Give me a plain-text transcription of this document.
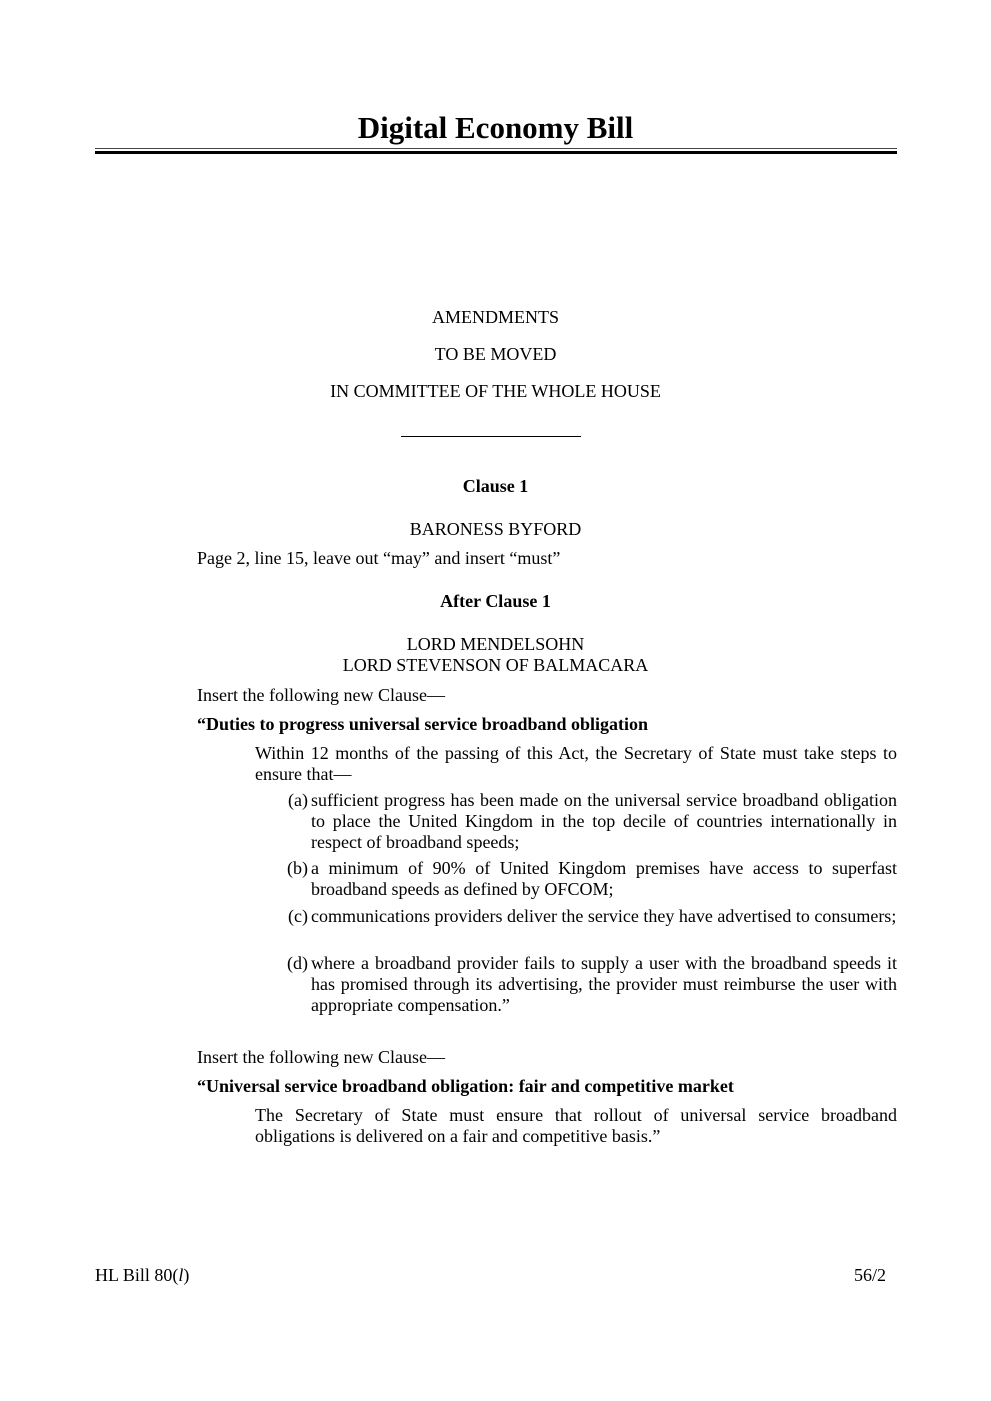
Digital Economy Bill
AMENDMENTS
TO BE MOVED
IN COMMITTEE OF THE WHOLE HOUSE
Clause 1
BARONESS BYFORD
Page 2, line 15, leave out “may” and insert “must”
After Clause 1
LORD MENDELSOHN
LORD STEVENSON OF BALMACARA
Insert the following new Clause—
“Duties to progress universal service broadband obligation
Within 12 months of the passing of this Act, the Secretary of State must take steps to ensure that—
(a) sufficient progress has been made on the universal service broadband obligation to place the United Kingdom in the top decile of countries internationally in respect of broadband speeds;
(b) a minimum of 90% of United Kingdom premises have access to superfast broadband speeds as defined by OFCOM;
(c) communications providers deliver the service they have advertised to consumers;
(d) where a broadband provider fails to supply a user with the broadband speeds it has promised through its advertising, the provider must reimburse the user with appropriate compensation.”
Insert the following new Clause—
“Universal service broadband obligation: fair and competitive market
The Secretary of State must ensure that rollout of universal service broadband obligations is delivered on a fair and competitive basis.”
HL Bill 80(l)	56/2
